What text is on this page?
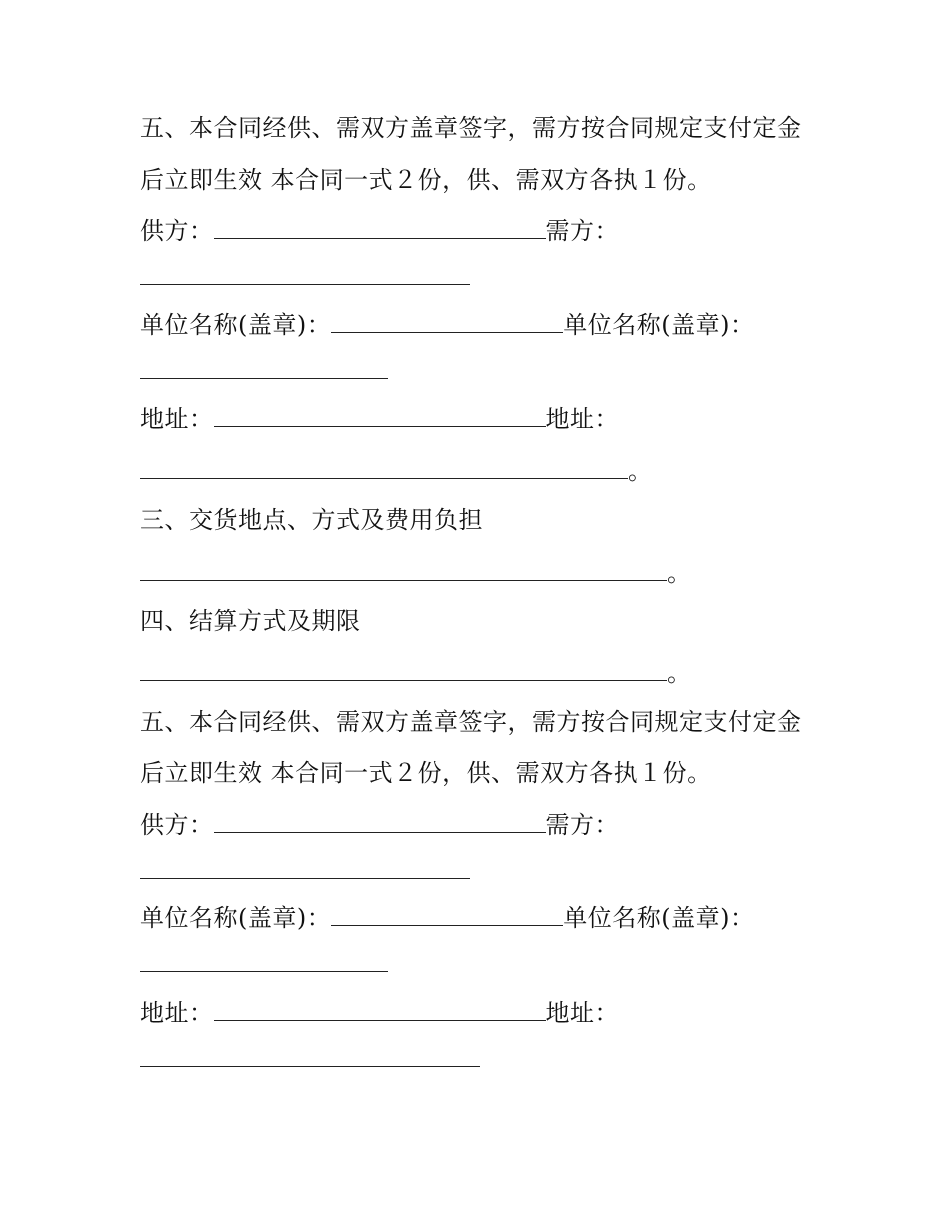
五、本合同经供、需双方盖章签字，需方按合同规定支付定金
后立即生效 本合同一式２份，供、需双方各执１份。
供方：	需方：
单位名称(盖章)：	单位名称(盖章)：
地址：	地址：
。
三、交货地点、方式及费用负担
。
四、结算方式及期限
。
五、本合同经供、需双方盖章签字，需方按合同规定支付定金
后立即生效 本合同一式２份，供、需双方各执１份。
供方：	需方：
单位名称(盖章)：	单位名称(盖章)：
地址：	地址：
